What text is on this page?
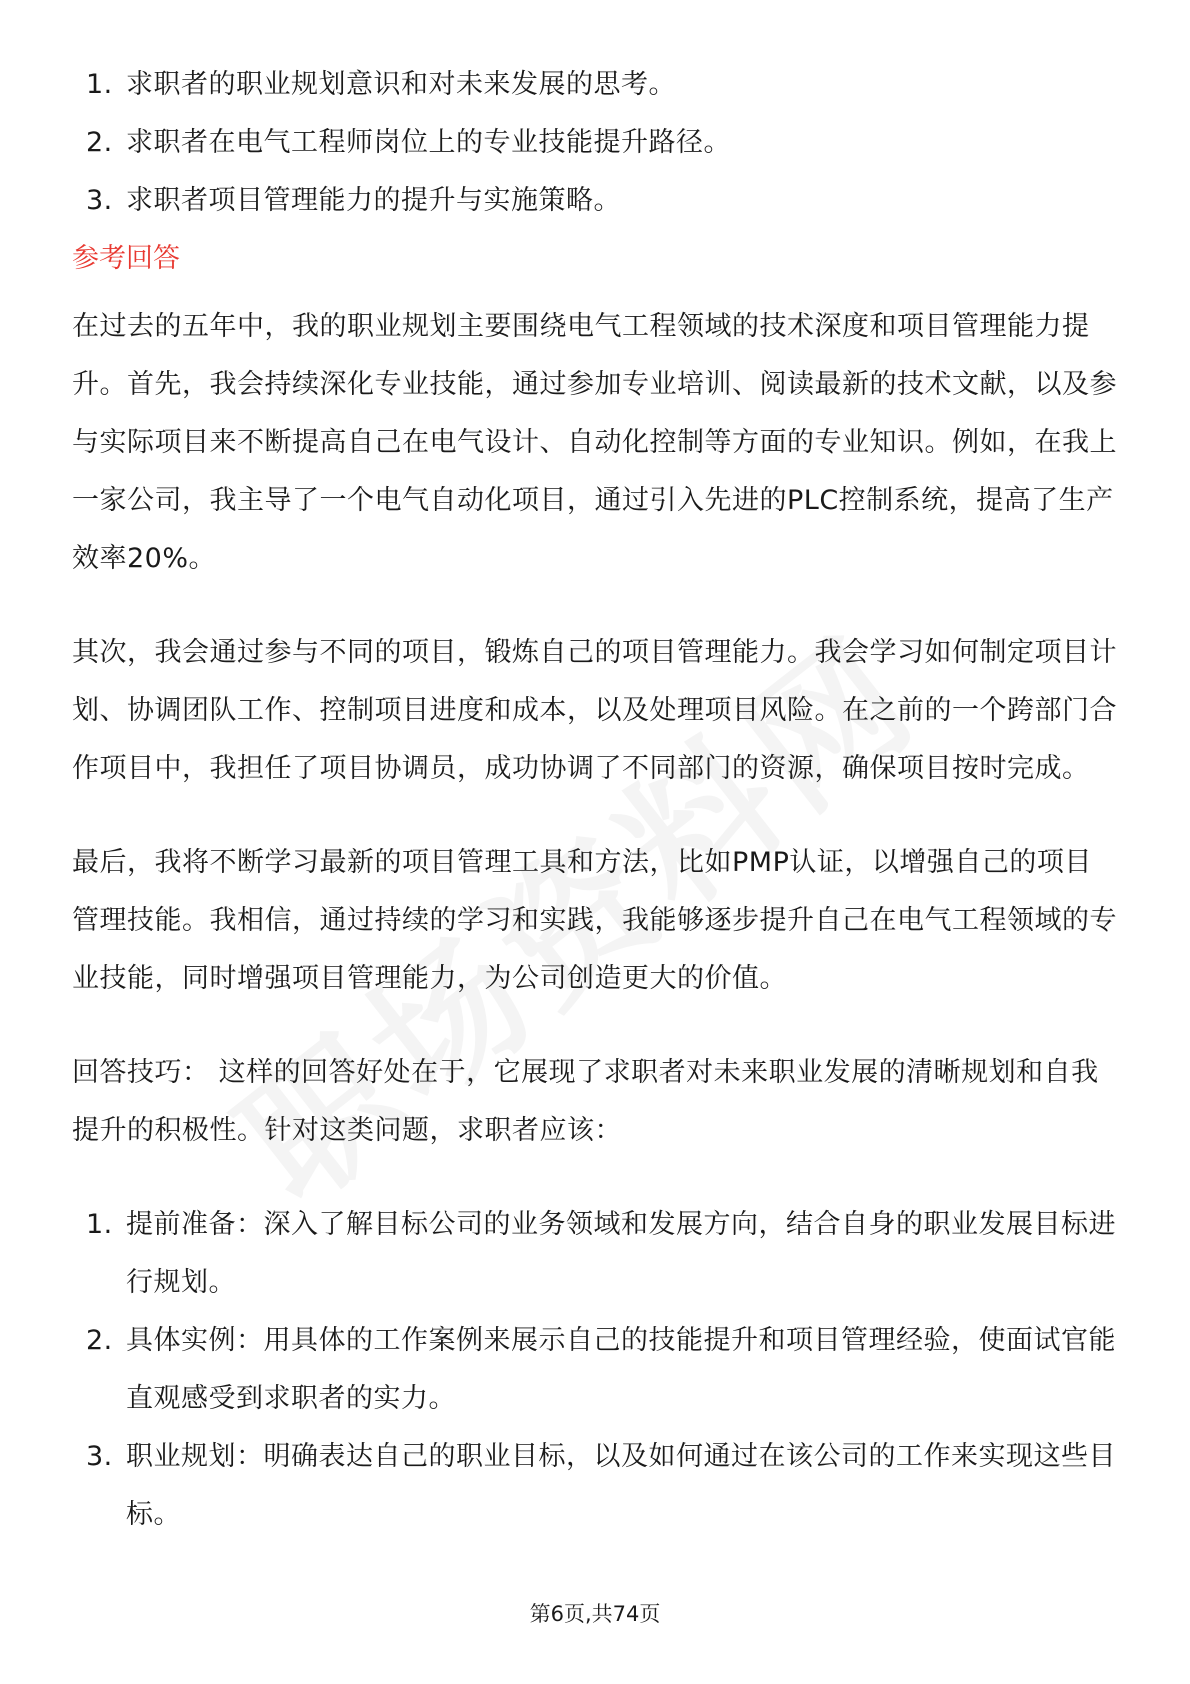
1. 求职者的职业规划意识和对未来发展的思考。
2. 求职者在电气工程师岗位上的专业技能提升路径。
3. 求职者项目管理能力的提升与实施策略。
参考回答

在过去的五年中，我的职业规划主要围绕电气工程领域的技术深度和项目管理能力提升。首先，我会持续深化专业技能，通过参加专业培训、阅读最新的技术文献，以及参与实际项目来不断提高自己在电气设计、自动化控制等方面的专业知识。例如，在我上一家公司，我主导了一个电气自动化项目，通过引入先进的PLC控制系统，提高了生产效率20%。

其次，我会通过参与不同的项目，锻炼自己的项目管理能力。我会学习如何制定项目计划、协调团队工作、控制项目进度和成本，以及处理项目风险。在之前的一个跨部门合作项目中，我担任了项目协调员，成功协调了不同部门的资源，确保项目按时完成。

最后，我将不断学习最新的项目管理工具和方法，比如PMP认证，以增强自己的项目管理技能。我相信，通过持续的学习和实践，我能够逐步提升自己在电气工程领域的专业技能，同时增强项目管理能力，为公司创造更大的价值。

回答技巧： 这样的回答好处在于，它展现了求职者对未来职业发展的清晰规划和自我提升的积极性。针对这类问题，求职者应该：

1. 提前准备：深入了解目标公司的业务领域和发展方向，结合自身的职业发展目标进行规划。
2. 具体实例：用具体的工作案例来展示自己的技能提升和项目管理经验，使面试官能直观感受到求职者的实力。
3. 职业规划：明确表达自己的职业目标，以及如何通过在该公司的工作来实现这些目标。
第6页,共74页
